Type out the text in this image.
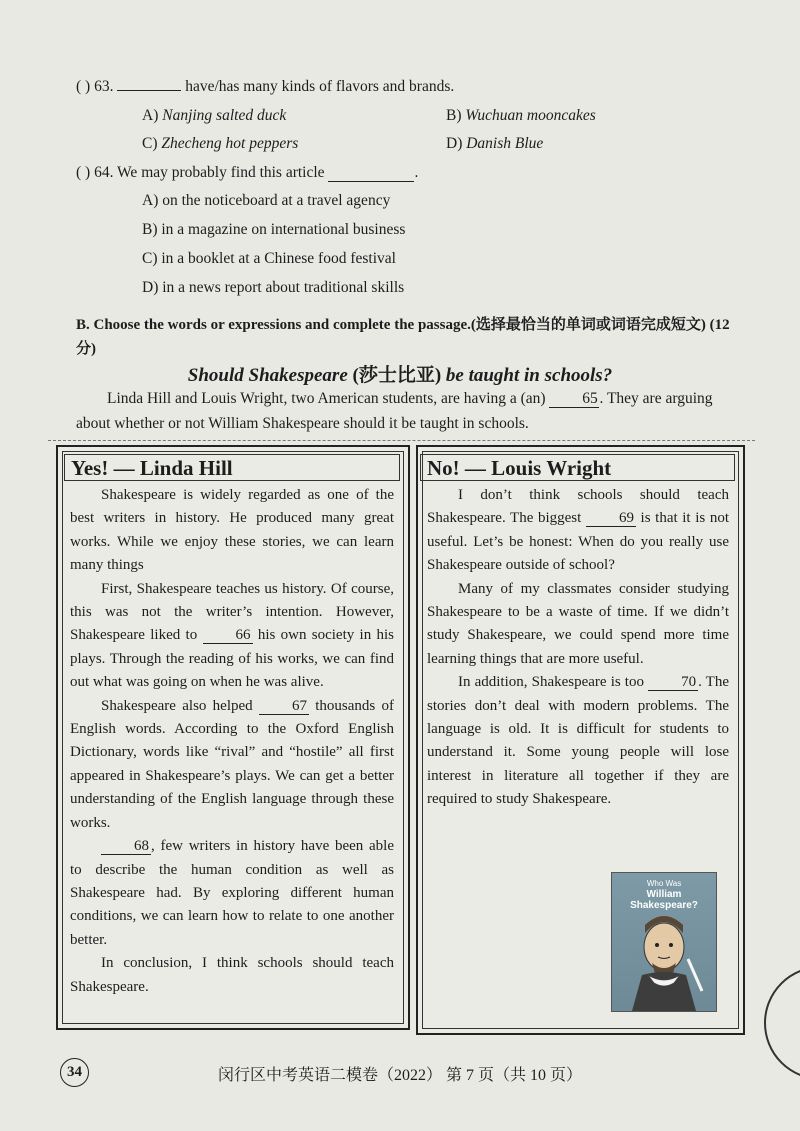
( ) 63.	have/has many kinds of flavors and brands.
A) Nanjing salted duck	B) Wuchuan mooncakes
C) Zhecheng hot peppers	D) Danish Blue
( ) 64. We may probably find this article	.
A) on the noticeboard at a travel agency
B) in a magazine on international business
C) in a booklet at a Chinese food festival
D) in a news report about traditional skills
B. Choose the words or expressions and complete the passage.(选择最恰当的单词或词语完成短文) (12 分)
Should Shakespeare (莎士比亚) be taught in schools?
Linda Hill and Louis Wright, two American students, are having a (an) 65 . They are arguing about whether or not William Shakespeare should it be taught in schools.
Yes! — Linda Hill

Shakespeare is widely regarded as one of the best writers in history. He produced many great works. While we enjoy these stories, we can learn many things

First, Shakespeare teaches us history. Of course, this was not the writer’s intention. However, Shakespeare liked to 66 his own society in his plays. Through the reading of his works, we can find out what was going on when he was alive.

Shakespeare also helped 67 thousands of English words. According to the Oxford English Dictionary, words like “rival” and “hostile” all first appeared in Shakespeare’s plays. We can get a better understanding of the English language through these works.

68 , few writers in history have been able to describe the human condition as well as Shakespeare had. By exploring different human conditions, we can learn how to relate to one another better.

In conclusion, I think schools should teach Shakespeare.

No! — Louis Wright

I don’t think schools should teach Shakespeare. The biggest 69 is that it is not useful. Let’s be honest: When do you really use Shakespeare outside of school?

Many of my classmates consider studying Shakespeare to be a waste of time. If we didn’t study Shakespeare, we could spend more time learning things that are more useful.

In addition, Shakespeare is too 70 . The stories don’t deal with modern problems. The language is old. It is difficult for students to understand it. Some young people will lose interest in literature all together if they are required to study Shakespeare.

Who Was
William
Shakespeare?
34	闵行区中考英语二模卷（2022） 第 7 页（共 10 页）
